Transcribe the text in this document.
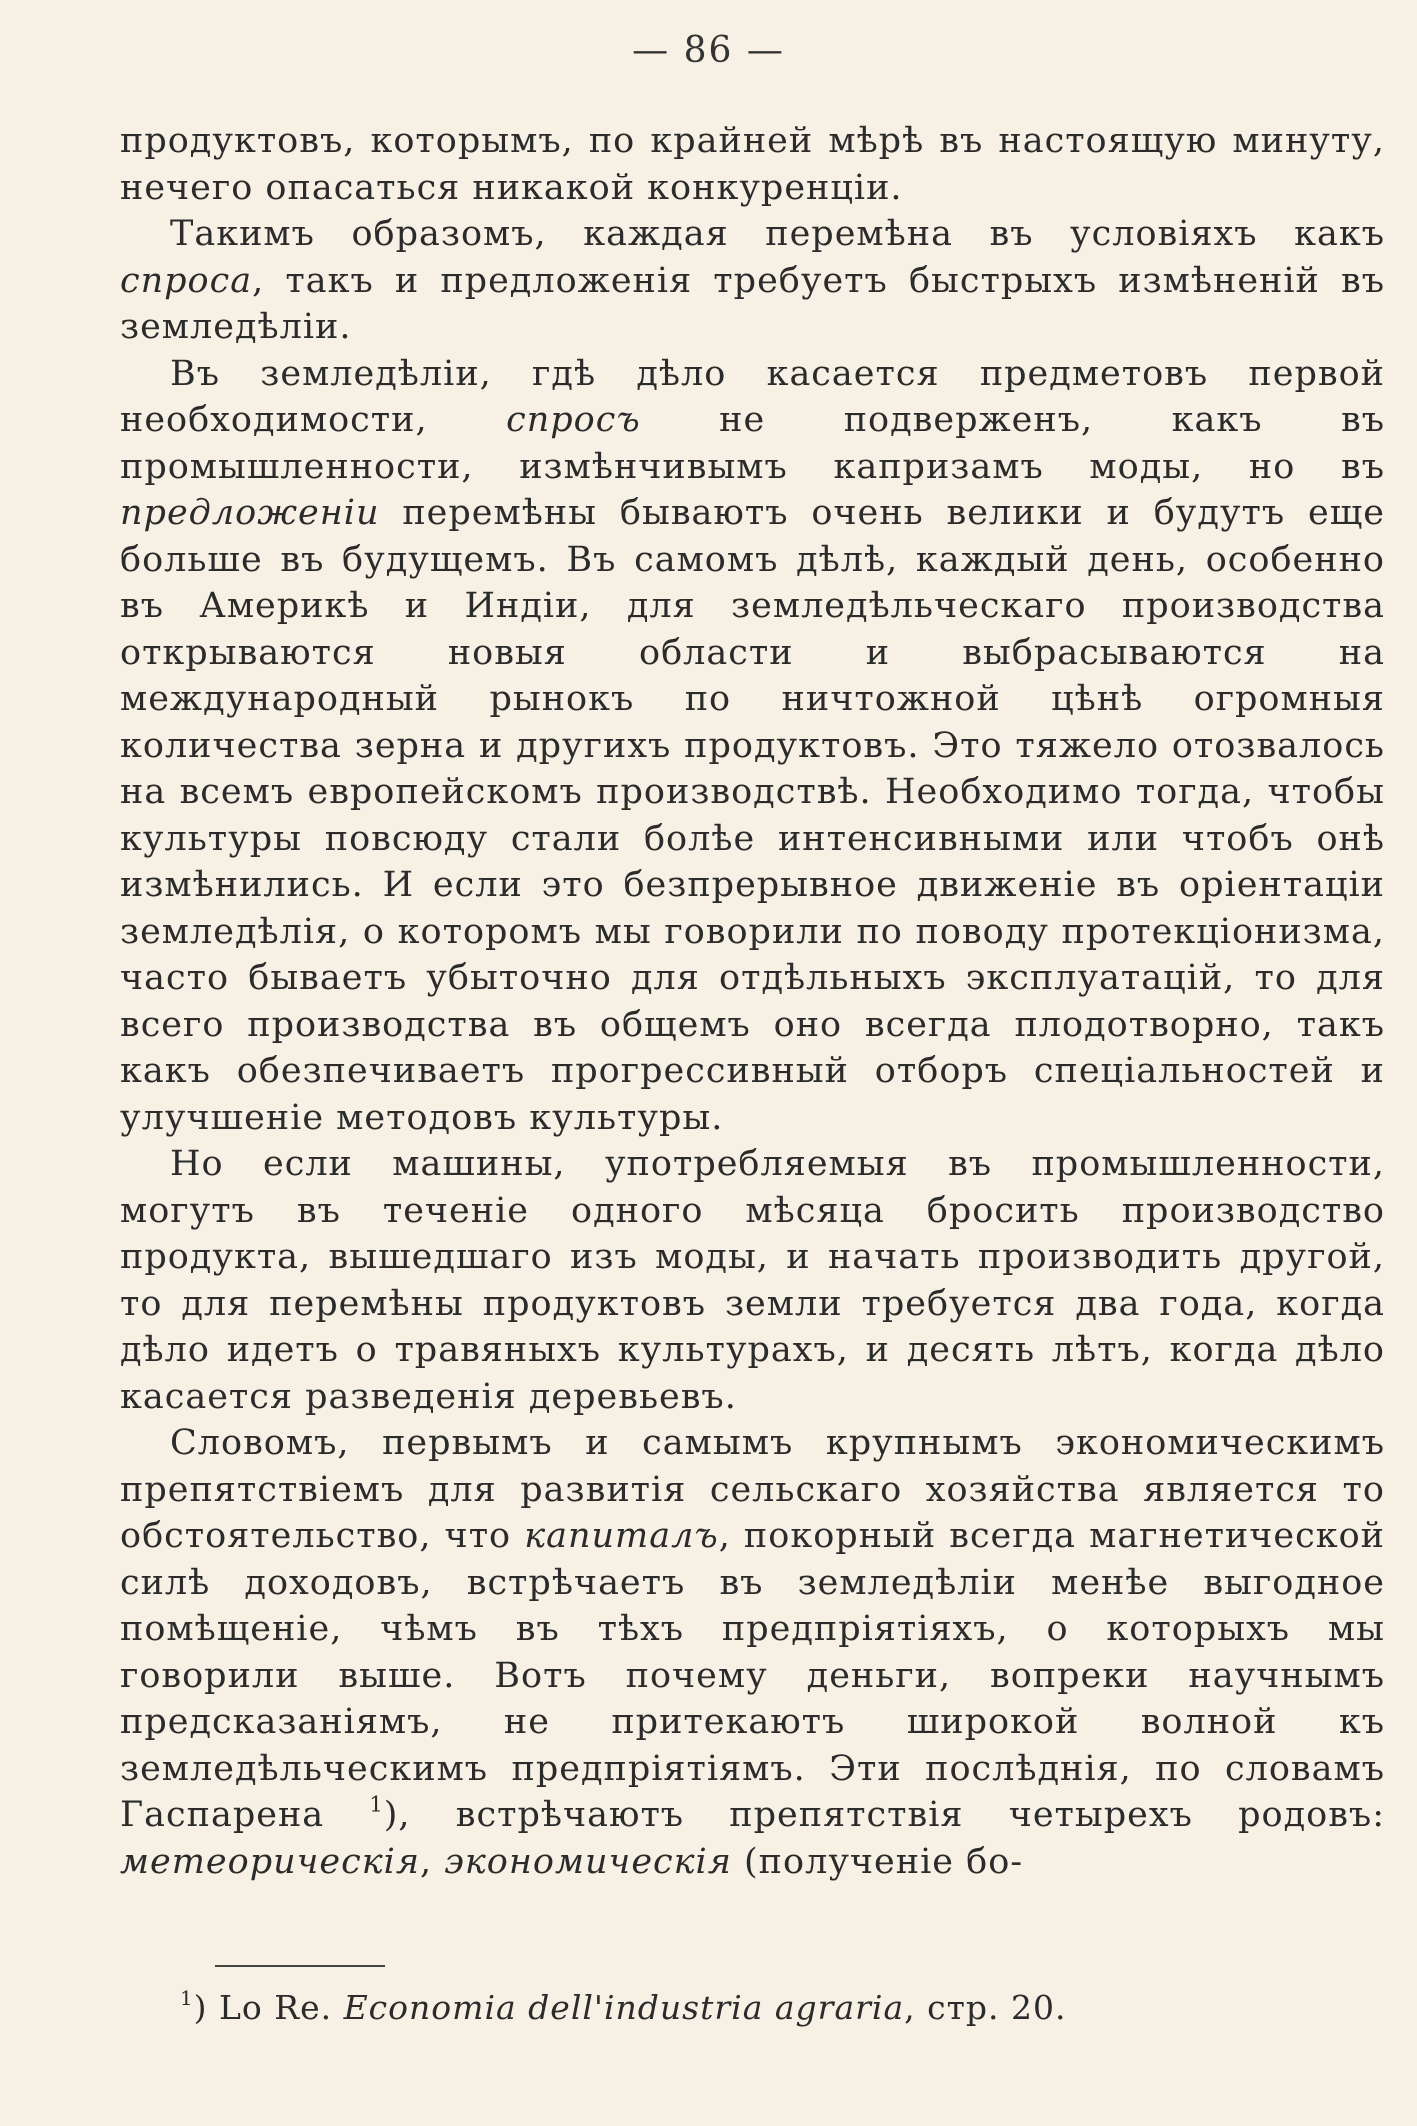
— 86 —

продуктовъ, которымъ, по крайней мѣрѣ въ настоящую минуту, нечего опасаться никакой конкуренціи.

Такимъ образомъ, каждая перемѣна въ условіяхъ какъ спроса, такъ и предложенія требуетъ быстрыхъ измѣненій въ земледѣліи.

Въ земледѣліи, гдѣ дѣло касается предметовъ первой необходимости, спросъ не подверженъ, какъ въ промышленности, измѣнчивымъ капризамъ моды, но въ предложеніи перемѣны бываютъ очень велики и будутъ еще больше въ будущемъ. Въ самомъ дѣлѣ, каждый день, особенно въ Америкѣ и Индіи, для земледѣльческаго производства открываются новыя области и выбрасываются на международный рынокъ по ничтожной цѣнѣ огромныя количества зерна и другихъ продуктовъ. Это тяжело отозвалось на всемъ европейскомъ производствѣ. Необходимо тогда, чтобы культуры повсюду стали болѣе интенсивными или чтобъ онѣ измѣнились. И если это безпрерывное движеніе въ оріентаціи земледѣлія, о которомъ мы говорили по поводу протекціонизма, часто бываетъ убыточно для отдѣльныхъ эксплуатацій, то для всего производства въ общемъ оно всегда плодотворно, такъ какъ обезпечиваетъ прогрессивный отборъ спеціальностей и улучшеніе методовъ культуры.

Но если машины, употребляемыя въ промышленности, могутъ въ теченіе одного мѣсяца бросить производство продукта, вышедшаго изъ моды, и начать производить другой, то для перемѣны продуктовъ земли требуется два года, когда дѣло идетъ о травяныхъ культурахъ, и десять лѣтъ, когда дѣло касается разведенія деревьевъ.

Словомъ, первымъ и самымъ крупнымъ экономическимъ препятствіемъ для развитія сельскаго хозяйства является то обстоятельство, что капиталъ, покорный всегда магнетической силѣ доходовъ, встрѣчаетъ въ земледѣліи менѣе выгодное помѣщеніе, чѣмъ въ тѣхъ предпріятіяхъ, о которыхъ мы говорили выше. Вотъ почему деньги, вопреки научнымъ предсказаніямъ, не притекаютъ широкой волной къ земледѣльческимъ предпріятіямъ. Эти послѣднія, по словамъ Гаспарена $^1$), встрѣчаютъ препятствія четырехъ родовъ: метеорическія, экономическія (полученіе бо-

$^1$) Lo Re. Economia dell'industria agraria, стр. 20.
